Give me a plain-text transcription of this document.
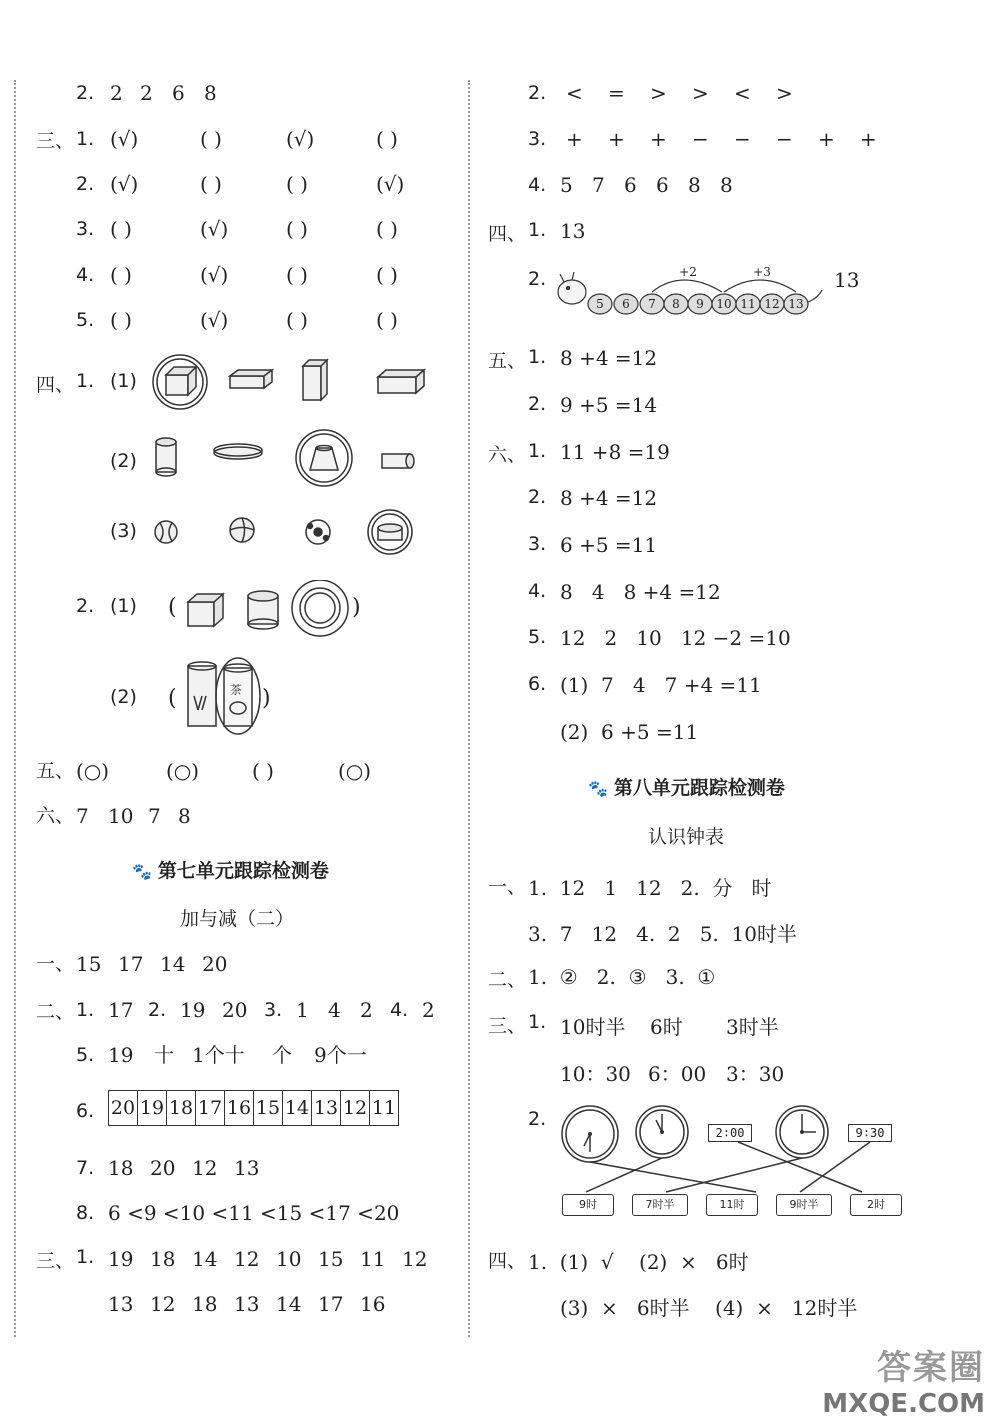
2. 2 2 6 8
三、 1. (√)	( )	(√)	( )
2. (√)	( )	( )	(√)
3. ( )	(√)	( )	( )
4. ( )	(√)	( )	( )
5. ( )	(√)	( )	( )
四、 1. (1)
(2)
(3)
2. (1) (	)
(2) (	)
茶
五、 (○)	(○)	( )	(○)
六、 7 10 7 8
🐾 第七单元跟踪检测卷
加与减（二）
一、 15 17 14 20
二、 1. 17 2. 19 20 3. 1 4 2 4. 2
5. 19 十 1个十 个 9个一
6. 20	19	18	17	16	15	14	13	12	11
7. 18 20 12 13
8. 6 <9 <10 <11 <15 <17 <20
三、 1. 19 18 14 12 10 15 11 12
13 12 18 13 14 17 16
2. < = > > < >
3. + + + − − − + +
4. 5 7 6 6 8 8
四、 1. 13
2.
5 6 7 8 9 10 11 12 13
+2	+3	13
五、 1. 8 +4 =12
2. 9 +5 =14
六、 1. 11 +8 =19
2. 8 +4 =12
3. 6 +5 =11
4. 8   4   8 +4 =12
5. 12   2   10   12 −2 =10
6. (1)  7   4   7 +4 =11
(2)  6 +5 =11
🐾 第八单元跟踪检测卷
认识钟表
一、 1.  12   1   12   2.  分   时
3.  7   12   4.  2   5.  10时半
二、 1.  ②   2.  ③   3.  ①
三、 1. 10时半 6时 3时半
10：30 6：00 3：30
2.
2∶00	9∶30
9时	7时半	11时	9时半	2时
四、 1.  (1)  √    (2)  ×   6时
(3)  ×   6时半    (4)  ×   12时半
答案圈
MXQE.COM
